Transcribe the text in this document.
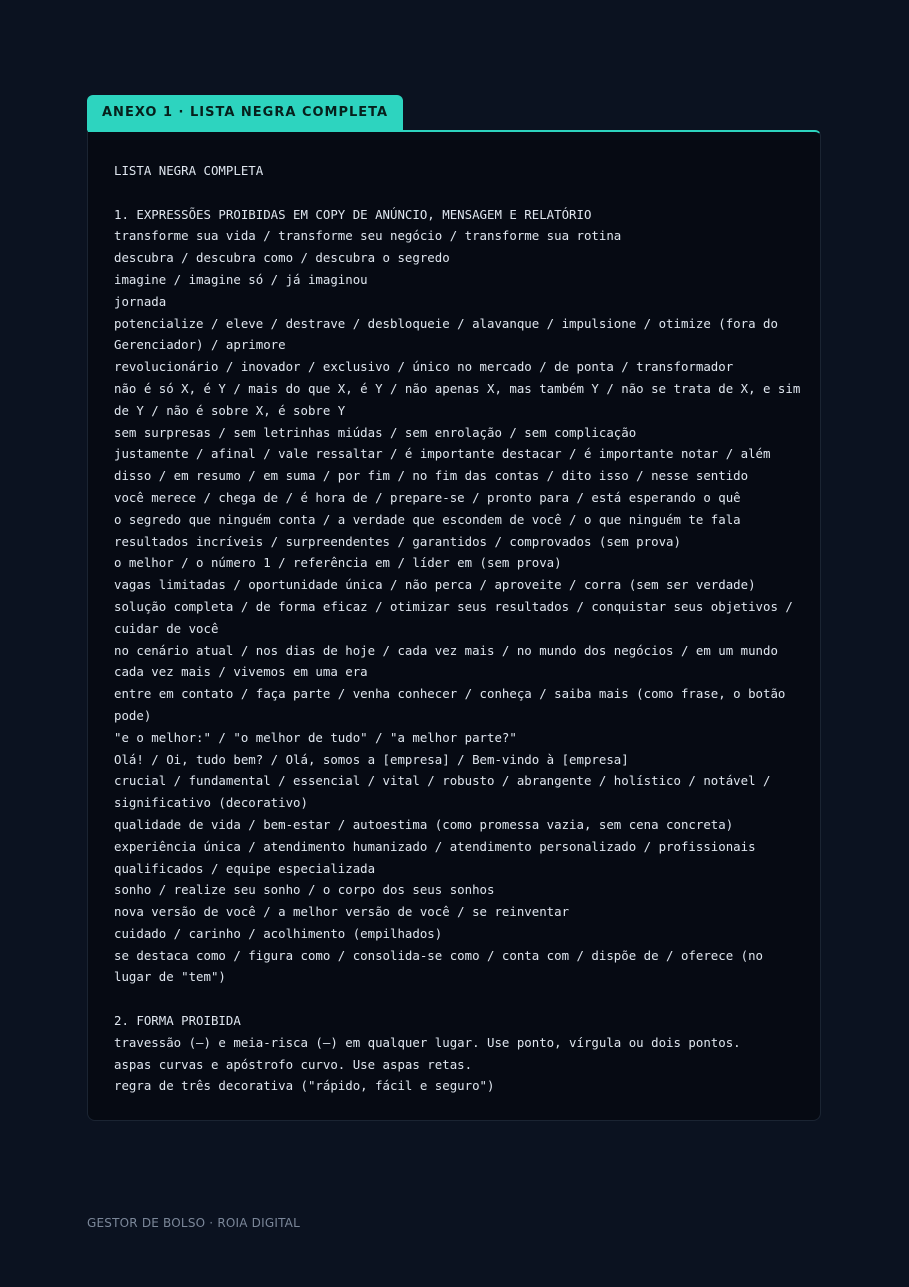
ANEXO 1 · LISTA NEGRA COMPLETA
LISTA NEGRA COMPLETA

1. EXPRESSÕES PROIBIDAS EM COPY DE ANÚNCIO, MENSAGEM E RELATÓRIO
transforme sua vida / transforme seu negócio / transforme sua rotina
descubra / descubra como / descubra o segredo
imagine / imagine só / já imaginou
jornada
potencialize / eleve / destrave / desbloqueie / alavanque / impulsione / otimize (fora do Gerenciador) / aprimore
revolucionário / inovador / exclusivo / único no mercado / de ponta / transformador
não é só X, é Y / mais do que X, é Y / não apenas X, mas também Y / não se trata de X, e sim de Y / não é sobre X, é sobre Y
sem surpresas / sem letrinhas miúdas / sem enrolação / sem complicação
justamente / afinal / vale ressaltar / é importante destacar / é importante notar / além disso / em resumo / em suma / por fim / no fim das contas / dito isso / nesse sentido
você merece / chega de / é hora de / prepare-se / pronto para / está esperando o quê
o segredo que ninguém conta / a verdade que escondem de você / o que ninguém te fala
resultados incríveis / surpreendentes / garantidos / comprovados (sem prova)
o melhor / o número 1 / referência em / líder em (sem prova)
vagas limitadas / oportunidade única / não perca / aproveite / corra (sem ser verdade)
solução completa / de forma eficaz / otimizar seus resultados / conquistar seus objetivos / cuidar de você
no cenário atual / nos dias de hoje / cada vez mais / no mundo dos negócios / em um mundo cada vez mais / vivemos em uma era
entre em contato / faça parte / venha conhecer / conheça / saiba mais (como frase, o botão pode)
"e o melhor:" / "o melhor de tudo" / "a melhor parte?"
Olá! / Oi, tudo bem? / Olá, somos a [empresa] / Bem-vindo à [empresa]
crucial / fundamental / essencial / vital / robusto / abrangente / holístico / notável / significativo (decorativo)
qualidade de vida / bem-estar / autoestima (como promessa vazia, sem cena concreta)
experiência única / atendimento humanizado / atendimento personalizado / profissionais qualificados / equipe especializada
sonho / realize seu sonho / o corpo dos seus sonhos
nova versão de você / a melhor versão de você / se reinventar
cuidado / carinho / acolhimento (empilhados)
se destaca como / figura como / consolida-se como / conta com / dispõe de / oferece (no lugar de "tem")

2. FORMA PROIBIDA
travessão (—) e meia-risca (–) em qualquer lugar. Use ponto, vírgula ou dois pontos.
aspas curvas e apóstrofo curvo. Use aspas retas.
regra de três decorativa ("rápido, fácil e seguro")
GESTOR DE BOLSO · ROIA DIGITAL
